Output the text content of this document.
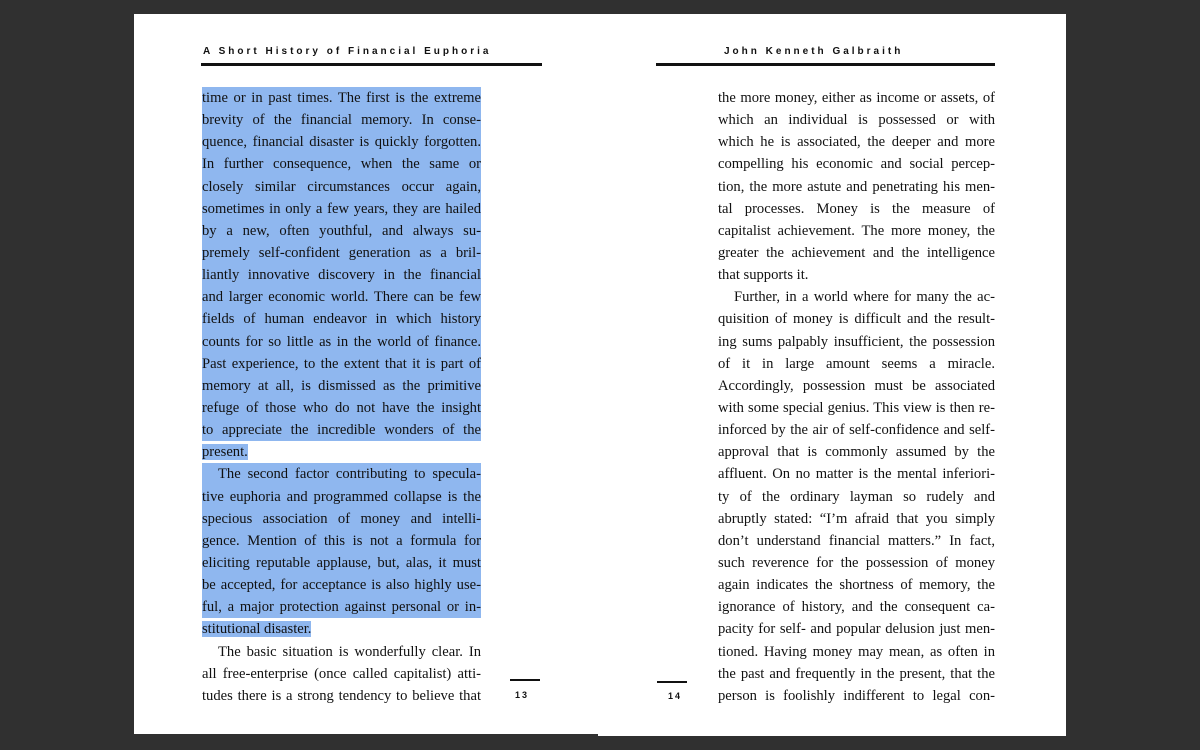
A Short History of Financial Euphoria
time or in past times. The first is the extreme
brevity of the financial memory. In conse-
quence, financial disaster is quickly forgotten.
In further consequence, when the same or
closely similar circumstances occur again,
sometimes in only a few years, they are hailed
by a new, often youthful, and always su-
premely self-confident generation as a bril-
liantly innovative discovery in the financial
and larger economic world. There can be few
fields of human endeavor in which history
counts for so little as in the world of finance.
Past experience, to the extent that it is part of
memory at all, is dismissed as the primitive
refuge of those who do not have the insight
to appreciate the incredible wonders of the
present.
The second factor contributing to specula-
tive euphoria and programmed collapse is the
specious association of money and intelli-
gence. Mention of this is not a formula for
eliciting reputable applause, but, alas, it must
be accepted, for acceptance is also highly use-
ful, a major protection against personal or in-
stitutional disaster.
The basic situation is wonderfully clear. In
all free-enterprise (once called capitalist) atti-
tudes there is a strong tendency to believe that	13
John Kenneth Galbraith
the more money, either as income or assets, of
which an individual is possessed or with
which he is associated, the deeper and more
compelling his economic and social percep-
tion, the more astute and penetrating his men-
tal processes. Money is the measure of
capitalist achievement. The more money, the
greater the achievement and the intelligence
that supports it.
Further, in a world where for many the ac-
quisition of money is difficult and the result-
ing sums palpably insufficient, the possession
of it in large amount seems a miracle.
Accordingly, possession must be associated
with some special genius. This view is then re-
inforced by the air of self-confidence and self-
approval that is commonly assumed by the
affluent. On no matter is the mental inferiori-
ty of the ordinary layman so rudely and
abruptly stated: “I’m afraid that you simply
don’t understand financial matters.” In fact,
such reverence for the possession of money
again indicates the shortness of memory, the
ignorance of history, and the consequent ca-
pacity for self- and popular delusion just men-
tioned. Having money may mean, as often in
the past and frequently in the present, that the
person is foolishly indifferent to legal con-
14
